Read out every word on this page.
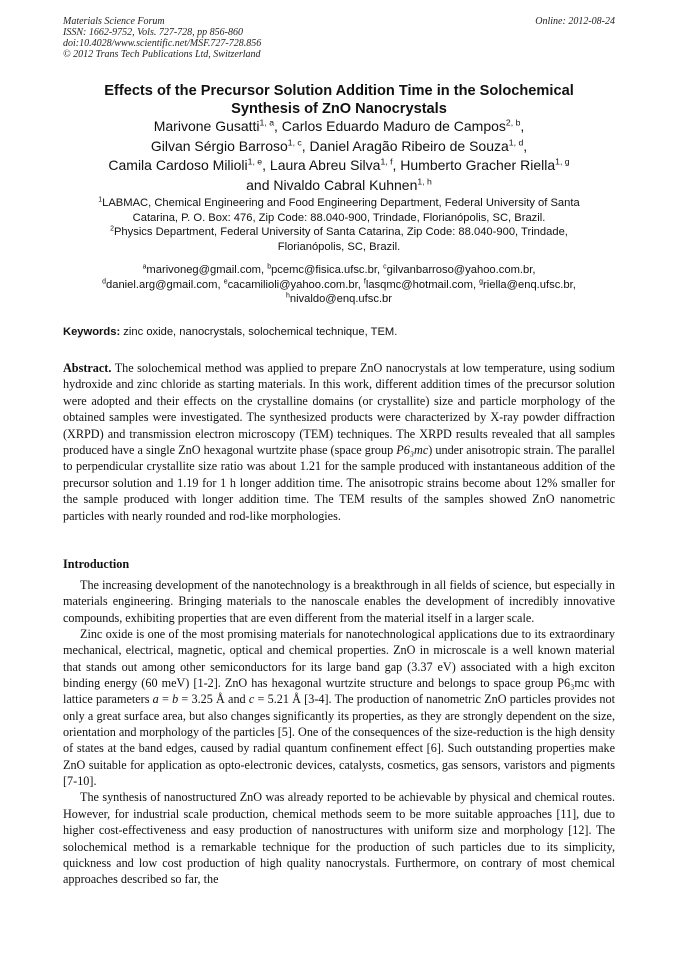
Materials Science Forum
ISSN: 1662-9752, Vols. 727-728, pp 856-860
doi:10.4028/www.scientific.net/MSF.727-728.856
© 2012 Trans Tech Publications Ltd, Switzerland
Online: 2012-08-24
Effects of the Precursor Solution Addition Time in the Solochemical
Synthesis of ZnO Nanocrystals
Marivone Gusatti$^{1, a}$, Carlos Eduardo Maduro de Campos$^{2, b}$,
Gilvan Sérgio Barroso$^{1, c}$, Daniel Aragão Ribeiro de Souza$^{1, d}$,
Camila Cardoso Milioli$^{1, e}$, Laura Abreu Silva$^{1, f}$, Humberto Gracher Riella$^{1, g}$
and Nivaldo Cabral Kuhnen$^{1, h}$
$^1$LABMAC, Chemical Engineering and Food Engineering Department, Federal University of Santa
Catarina, P. O. Box: 476, Zip Code: 88.040-900, Trindade, Florianópolis, SC, Brazil.
$^2$Physics Department, Federal University of Santa Catarina, Zip Code: 88.040-900, Trindade,
Florianópolis, SC, Brazil.
$^a$marivoneg@gmail.com, $^b$pcemc@fisica.ufsc.br, $^c$gilvanbarroso@yahoo.com.br,
$^d$daniel.arg@gmail.com, $^e$cacamilioli@yahoo.com.br, $^f$lasqmc@hotmail.com, $^g$riella@enq.ufsc.br,
$^h$nivaldo@enq.ufsc.br
Keywords: zinc oxide, nanocrystals, solochemical technique, TEM.
Abstract. The solochemical method was applied to prepare ZnO nanocrystals at low temperature, using sodium hydroxide and zinc chloride as starting materials. In this work, different addition times of the precursor solution were adopted and their effects on the crystalline domains (or crystallite) size and particle morphology of the obtained samples were investigated. The synthesized products were characterized by X-ray powder diffraction (XRPD) and transmission electron microscopy (TEM) techniques. The XRPD results revealed that all samples produced have a single ZnO hexagonal wurtzite phase (space group P6₃mc) under anisotropic strain. The parallel to perpendicular crystallite size ratio was about 1.21 for the sample produced with instantaneous addition of the precursor solution and 1.19 for 1 h longer addition time. The anisotropic strains become about 12% smaller for the sample produced with longer addition time. The TEM results of the samples showed ZnO nanometric particles with nearly rounded and rod-like morphologies.
Introduction

The increasing development of the nanotechnology is a breakthrough in all fields of science, but especially in materials engineering. Bringing materials to the nanoscale enables the development of incredibly innovative compounds, exhibiting properties that are even different from the material itself in a larger scale.

Zinc oxide is one of the most promising materials for nanotechnological applications due to its extraordinary mechanical, electrical, magnetic, optical and chemical properties. ZnO in microscale is a well known material that stands out among other semiconductors for its large band gap (3.37 eV) associated with a high exciton binding energy (60 meV) [1-2]. ZnO has hexagonal wurtzite structure and belongs to space group P6₃mc with lattice parameters a = b = 3.25 Å and c = 5.21 Å [3-4]. The production of nanometric ZnO particles provides not only a great surface area, but also changes significantly its properties, as they are strongly dependent on the size, orientation and morphology of the particles [5]. One of the consequences of the size-reduction is the high density of states at the band edges, caused by radial quantum confinement effect [6]. Such outstanding properties make ZnO suitable for application as opto-electronic devices, catalysts, cosmetics, gas sensors, varistors and pigments [7-10].

The synthesis of nanostructured ZnO was already reported to be achievable by physical and chemical routes. However, for industrial scale production, chemical methods seem to be more suitable approaches [11], due to higher cost-effectiveness and easy production of nanostructures with uniform size and morphology [12]. The solochemical method is a remarkable technique for the production of such particles due to its simplicity, quickness and low cost production of high quality nanocrystals. Furthermore, on contrary of most chemical approaches described so far, the
